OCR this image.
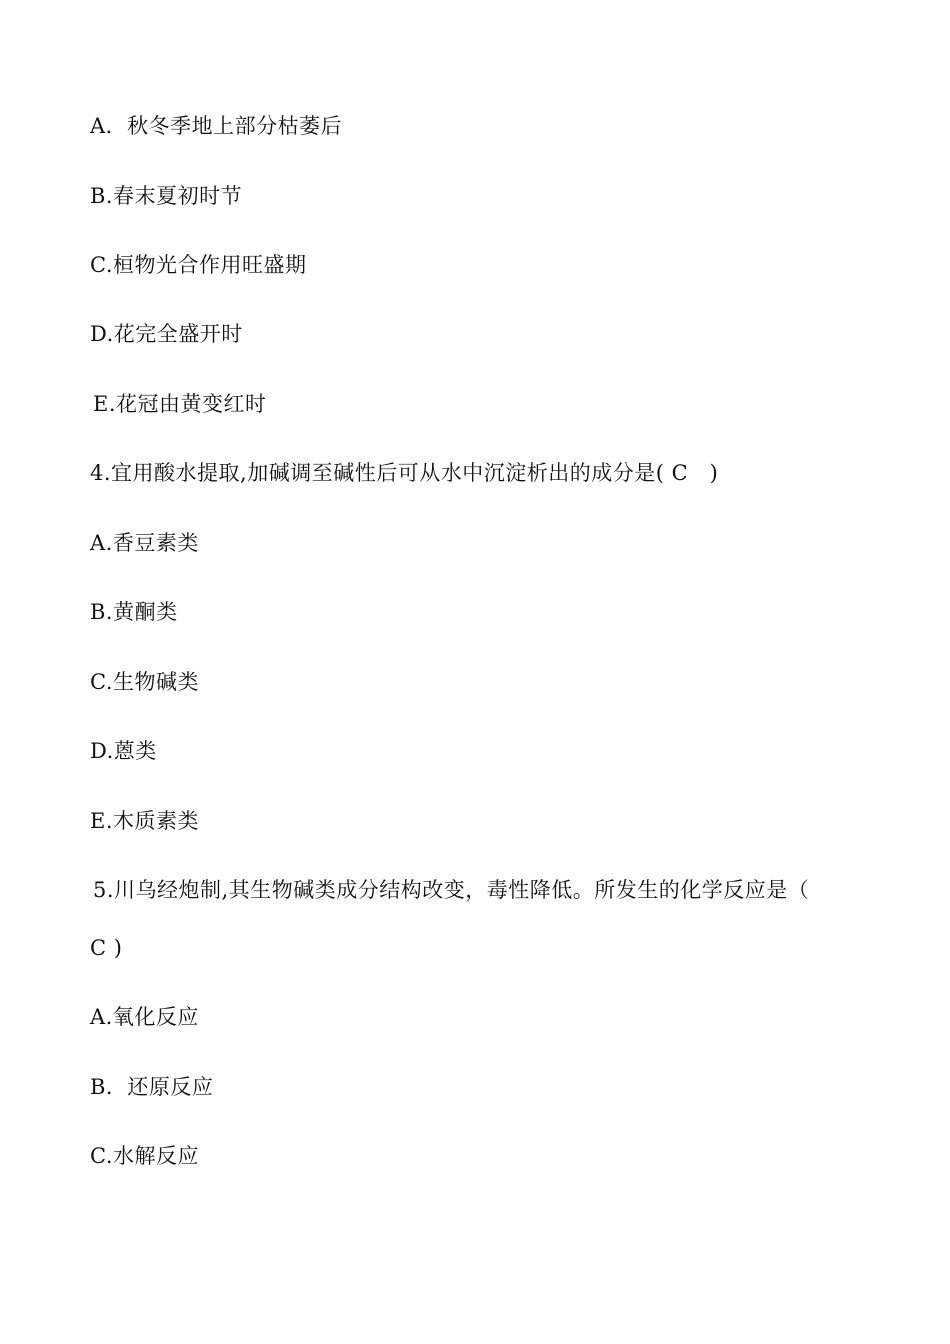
A．秋冬季地上部分枯萎后
B.春末夏初时节
C.桓物光合作用旺盛期
D.花完全盛开时
E.花冠由黄变红时
4.宜用酸水提取,加碱调至碱性后可从水中沉淀析出的成分是( C   )
A.香豆素类
B.黄酮类
C.生物碱类
D.蒽类
E.木质素类
5.川乌经炮制,其生物碱类成分结构改变，毒性降低。所发生的化学反应是（
C )
A.氧化反应
B．还原反应
C.水解反应
